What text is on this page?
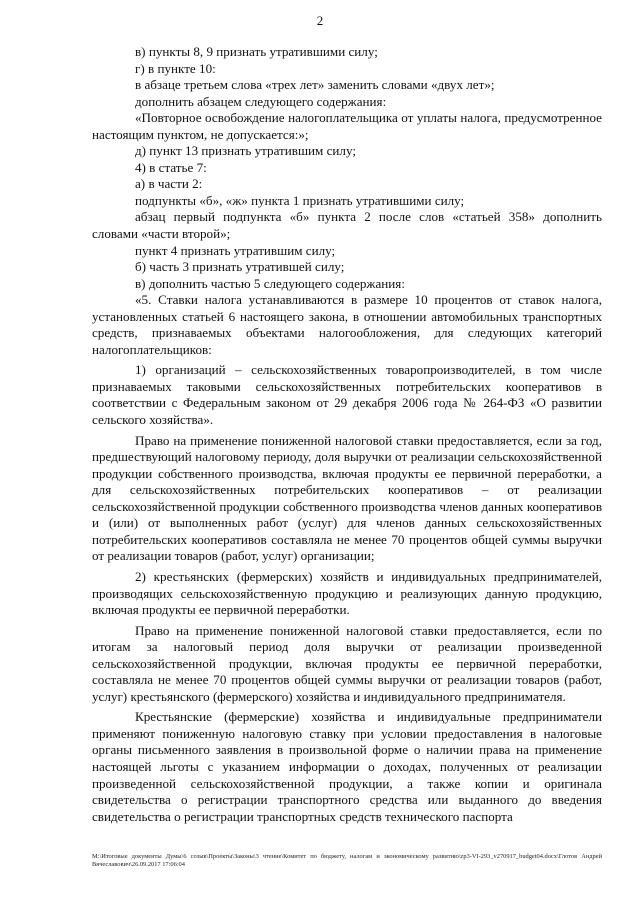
2

в) пункты 8, 9 признать утратившими силу;

г) в пункте 10:

в абзаце третьем слова «трех лет» заменить словами «двух лет»;

дополнить абзацем следующего содержания:

«Повторное освобождение налогоплательщика от уплаты налога, предусмотренное настоящим пунктом, не допускается:»;

д) пункт 13 признать утратившим силу;

4) в статье 7:

а) в части 2:

подпункты «б», «ж» пункта 1 признать утратившими силу;

абзац первый подпункта «б» пункта 2 после слов «статьей 358» дополнить словами «части второй»;

пункт 4 признать утратившим силу;

б) часть 3 признать утратившей силу;

в) дополнить частью 5 следующего содержания:

«5. Ставки налога устанавливаются в размере 10 процентов от ставок налога, установленных статьей 6 настоящего закона, в отношении автомобильных транспортных средств, признаваемых объектами налогообложения, для следующих категорий налогоплательщиков:

1) организаций – сельскохозяйственных товаропроизводителей, в том числе признаваемых таковыми сельскохозяйственных потребительских кооперативов в соответствии с Федеральным законом от 29 декабря 2006 года № 264-ФЗ «О развитии сельского хозяйства».

Право на применение пониженной налоговой ставки предоставляется, если за год, предшествующий налоговому периоду, доля выручки от реализации сельскохозяйственной продукции собственного производства, включая продукты ее первичной переработки, а для сельскохозяйственных потребительских кооперативов – от реализации сельскохозяйственной продукции собственного производства членов данных кооперативов и (или) от выполненных работ (услуг) для членов данных сельскохозяйственных потребительских кооперативов составляла не менее 70 процентов общей суммы выручки от реализации товаров (работ, услуг) организации;

2) крестьянских (фермерских) хозяйств и индивидуальных предпринимателей, производящих сельскохозяйственную продукцию и реализующих данную продукцию, включая продукты ее первичной переработки.

Право на применение пониженной налоговой ставки предоставляется, если по итогам за налоговый период доля выручки от реализации произведенной сельскохозяйственной продукции, включая продукты ее первичной переработки, составляла не менее 70 процентов общей суммы выручки от реализации товаров (работ, услуг) крестьянского (фермерского) хозяйства и индивидуального предпринимателя.

Крестьянские (фермерские) хозяйства и индивидуальные предприниматели применяют пониженную налоговую ставку при условии предоставления в налоговые органы письменного заявления в произвольной форме о наличии права на применение настоящей льготы с указанием информации о доходах, полученных от реализации произведенной сельскохозяйственной продукции, а также копии и оригинала свидетельства о регистрации транспортного средства или выданного до введения свидетельства о регистрации транспортных средств технического паспорта

M:\Итоговые документы Думы\6 созыв\Проекты\Законы\3 чтение\Комитет по бюджету, налогам и экономическому развитию\zp3-VI-293_v270917_budget04.docx\Глотов Андрей Вячеславович\26.09.2017 17:06:04
